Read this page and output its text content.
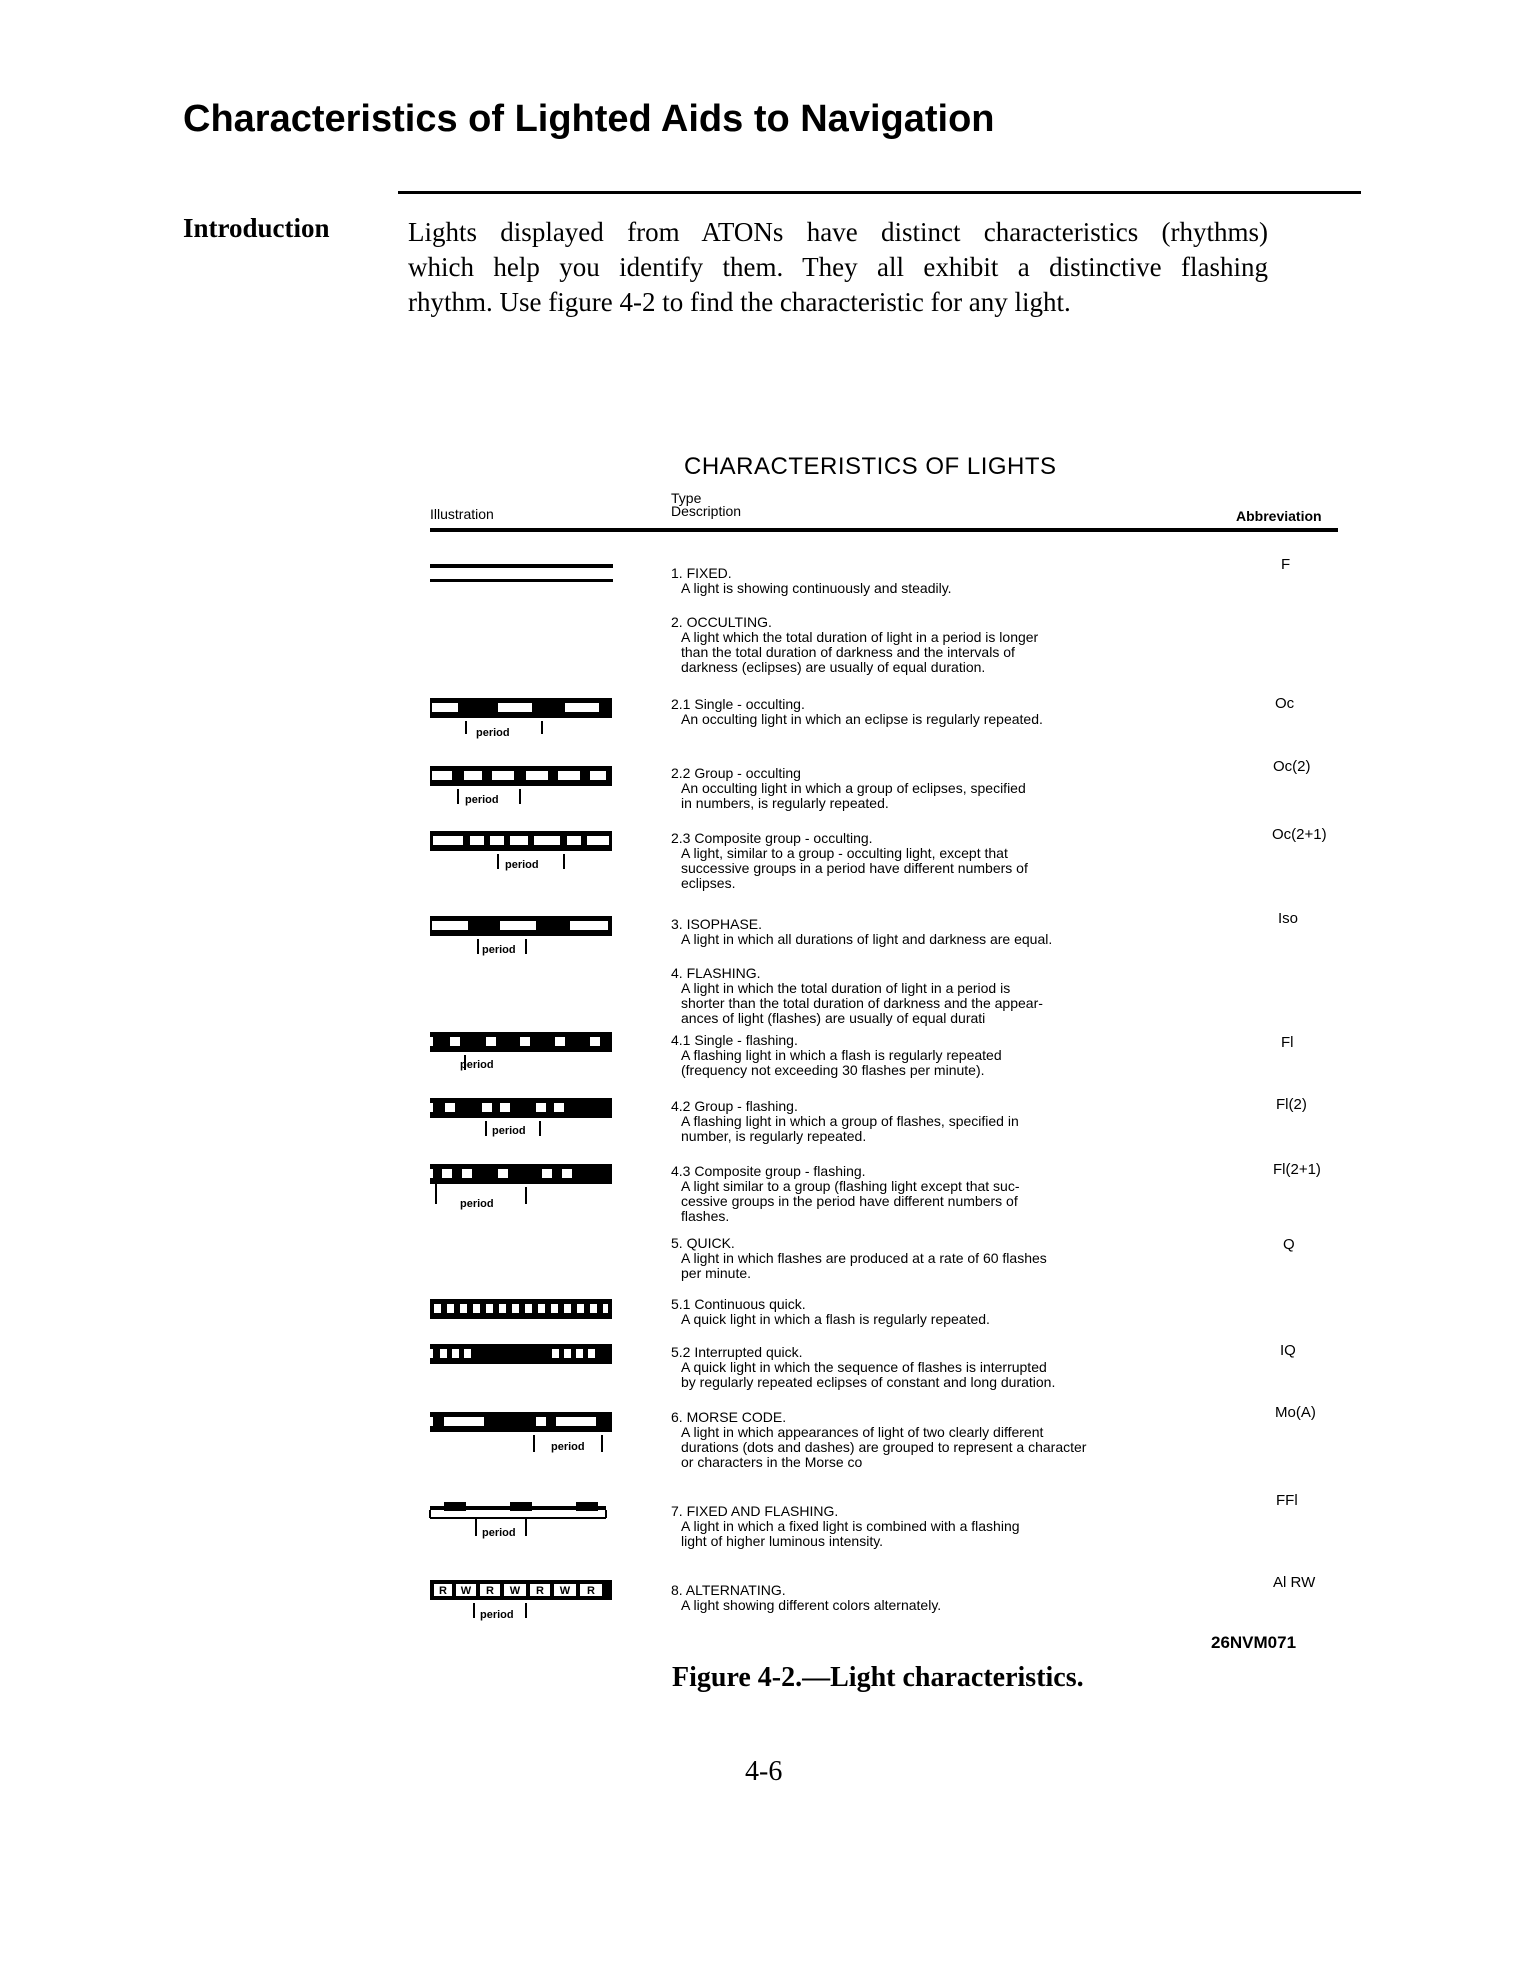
Characteristics of Lighted Aids to Navigation
Introduction	Lights displayed from ATONs have distinct characteristics (rhythms)
which help you identify them. They all exhibit a distinctive flashing
rhythm. Use figure 4-2 to find the characteristic for any light.
CHARACTERISTICS OF LIGHTS
Illustration
Type
Description	Abbreviation
1. FIXED.
A light is showing continuously and steadily.
2. OCCULTING.
A light which the total duration of light in a period is longer
than the total duration of darkness and the intervals of
darkness (eclipses) are usually of equal duration.
2.1 Single - occulting.
An occulting light in which an eclipse is regularly repeated.
2.2 Group - occulting
An occulting light in which a group of eclipses, specified
in numbers, is regularly repeated.
2.3 Composite group - occulting.
A light, similar to a group - occulting light, except that
successive groups in a period have different numbers of
eclipses.
3. ISOPHASE.
A light in which all durations of light and darkness are equal.
4. FLASHING.
A light in which the total duration of light in a period is
shorter than the total duration of darkness and the appear-
ances of light (flashes) are usually of equal durati
4.1 Single - flashing.
A flashing light in which a flash is regularly repeated
(frequency not exceeding 30 flashes per minute).
4.2 Group - flashing.
A flashing light in which a group of flashes, specified in
number, is regularly repeated.
4.3 Composite group - flashing.
A light similar to a group (flashing light except that suc-
cessive groups in the period have different numbers of
flashes.
5. QUICK.
A light in which flashes are produced at a rate of 60 flashes
per minute.
5.1 Continuous quick.
A quick light in which a flash is regularly repeated.
5.2 Interrupted quick.
A quick light in which the sequence of flashes is interrupted
by regularly repeated eclipses of constant and long duration.
6. MORSE CODE.
A light in which appearances of light of two clearly different
durations (dots and dashes) are grouped to represent a character
or characters in the Morse co
7. FIXED AND FLASHING.
A light in which a fixed light is combined with a flashing
light of higher luminous intensity.
8. ALTERNATING.
A light showing different colors alternately.
F
Oc
Oc(2)
Oc(2+1)
Iso
Fl
Fl(2)
Fl(2+1)
Q
IQ
Mo(A)
FFl
Al RW
period
period
period
period
period
period
period
period
period
R W R W R W R
period
26NVM071
Figure 4-2.—Light characteristics.
4-6
